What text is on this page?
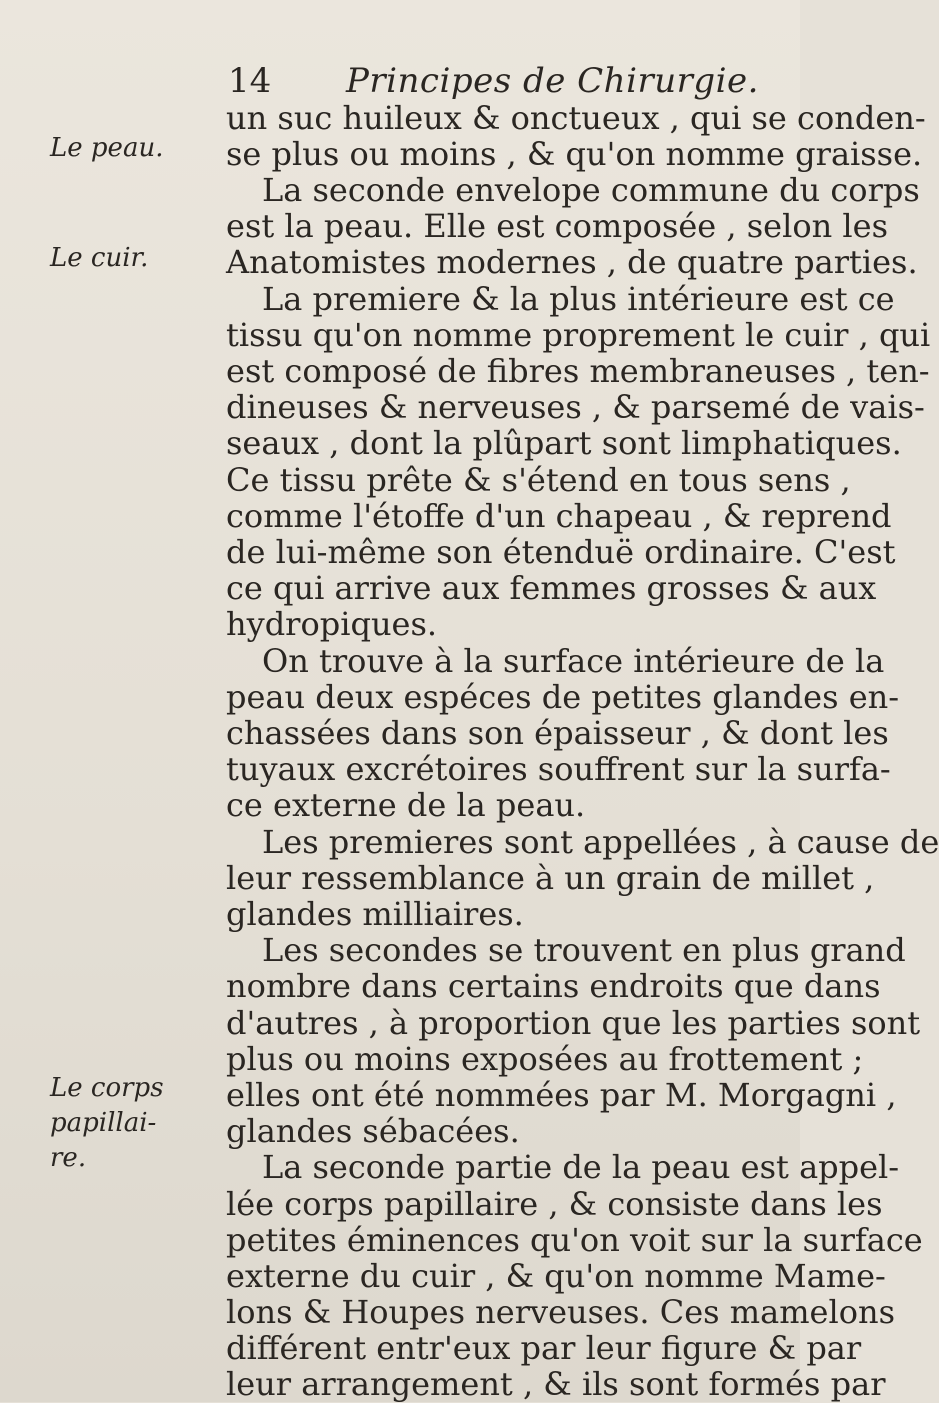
14 Principes de Chirurgie.
Le peau.
Le cuir.
Le corps
papillai-
re.
un suc huileux & onctueux , qui se conden-
se plus ou moins , & qu'on nomme graisse.
La seconde envelope commune du corps
est la peau. Elle est composée , selon les
Anatomistes modernes , de quatre parties.
La premiere & la plus intérieure est ce
tissu qu'on nomme proprement le cuir , qui
est composé de fibres membraneuses , ten-
dineuses & nerveuses , & parsemé de vais-
seaux , dont la plûpart sont limphatiques.
Ce tissu prête & s'étend en tous sens ,
comme l'étoffe d'un chapeau , & reprend
de lui-même son étenduë ordinaire. C'est
ce qui arrive aux femmes grosses & aux
hydropiques.
On trouve à la surface intérieure de la
peau deux espéces de petites glandes en-
chassées dans son épaisseur , & dont les
tuyaux excrétoires souffrent sur la surfa-
ce externe de la peau.
Les premieres sont appellées , à cause de
leur ressemblance à un grain de millet ,
glandes milliaires.
Les secondes se trouvent en plus grand
nombre dans certains endroits que dans
d'autres , à proportion que les parties sont
plus ou moins exposées au frottement ;
elles ont été nommées par M. Morgagni ,
glandes sébacées.
La seconde partie de la peau est appel-
lée corps papillaire , & consiste dans les
petites éminences qu'on voit sur la surface
externe du cuir , & qu'on nomme Mame-
lons & Houpes nerveuses. Ces mamelons
différent entr'eux par leur figure & par
leur arrangement , & ils sont formés par
